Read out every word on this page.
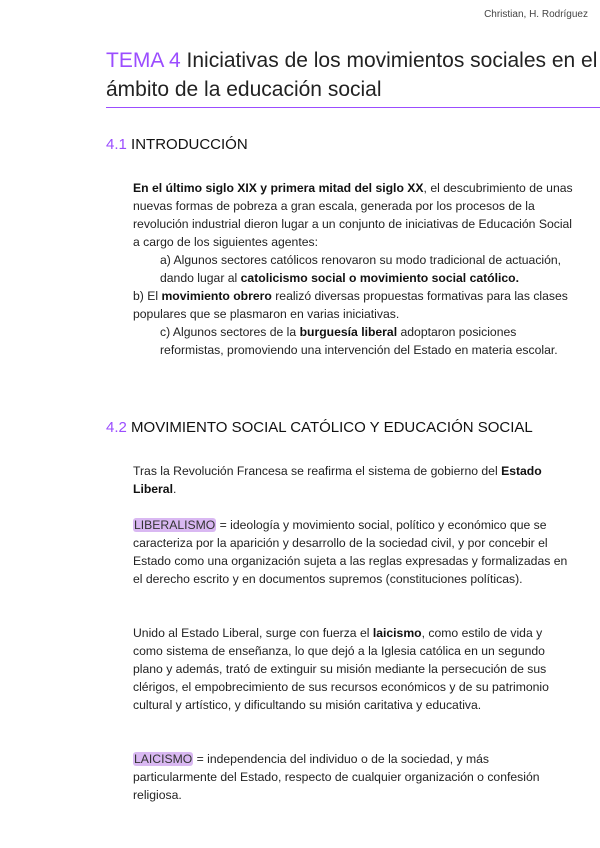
Christian, H. Rodríguez
TEMA 4 Iniciativas de los movimientos sociales en el ámbito de la educación social
4.1 INTRODUCCIÓN

En el último siglo XIX y primera mitad del siglo XX, el descubrimiento de unas nuevas formas de pobreza a gran escala, generada por los procesos de la revolución industrial dieron lugar a un conjunto de iniciativas de Educación Social a cargo de los siguientes agentes:

a) Algunos sectores católicos renovaron su modo tradicional de actuación, dando lugar al catolicismo social o movimiento social católico.

b) El movimiento obrero realizó diversas propuestas formativas para las clases populares que se plasmaron en varias iniciativas.

c) Algunos sectores de la burguesía liberal adoptaron posiciones reformistas, promoviendo una intervención del Estado en materia escolar.

4.2 MOVIMIENTO SOCIAL CATÓLICO Y EDUCACIÓN SOCIAL

Tras la Revolución Francesa se reafirma el sistema de gobierno del Estado Liberal.

LIBERALISMO = ideología y movimiento social, político y económico que se caracteriza por la aparición y desarrollo de la sociedad civil, y por concebir el Estado como una organización sujeta a las reglas expresadas y formalizadas en el derecho escrito y en documentos supremos (constituciones políticas).

Unido al Estado Liberal, surge con fuerza el laicismo, como estilo de vida y como sistema de enseñanza, lo que dejó a la Iglesia católica en un segundo plano y además, trató de extinguir su misión mediante la persecución de sus clérigos, el empobrecimiento de sus recursos económicos y de su patrimonio cultural y artístico, y dificultando su misión caritativa y educativa.

LAICISMO = independencia del individuo o de la sociedad, y más particularmente del Estado, respecto de cualquier organización o confesión religiosa.
